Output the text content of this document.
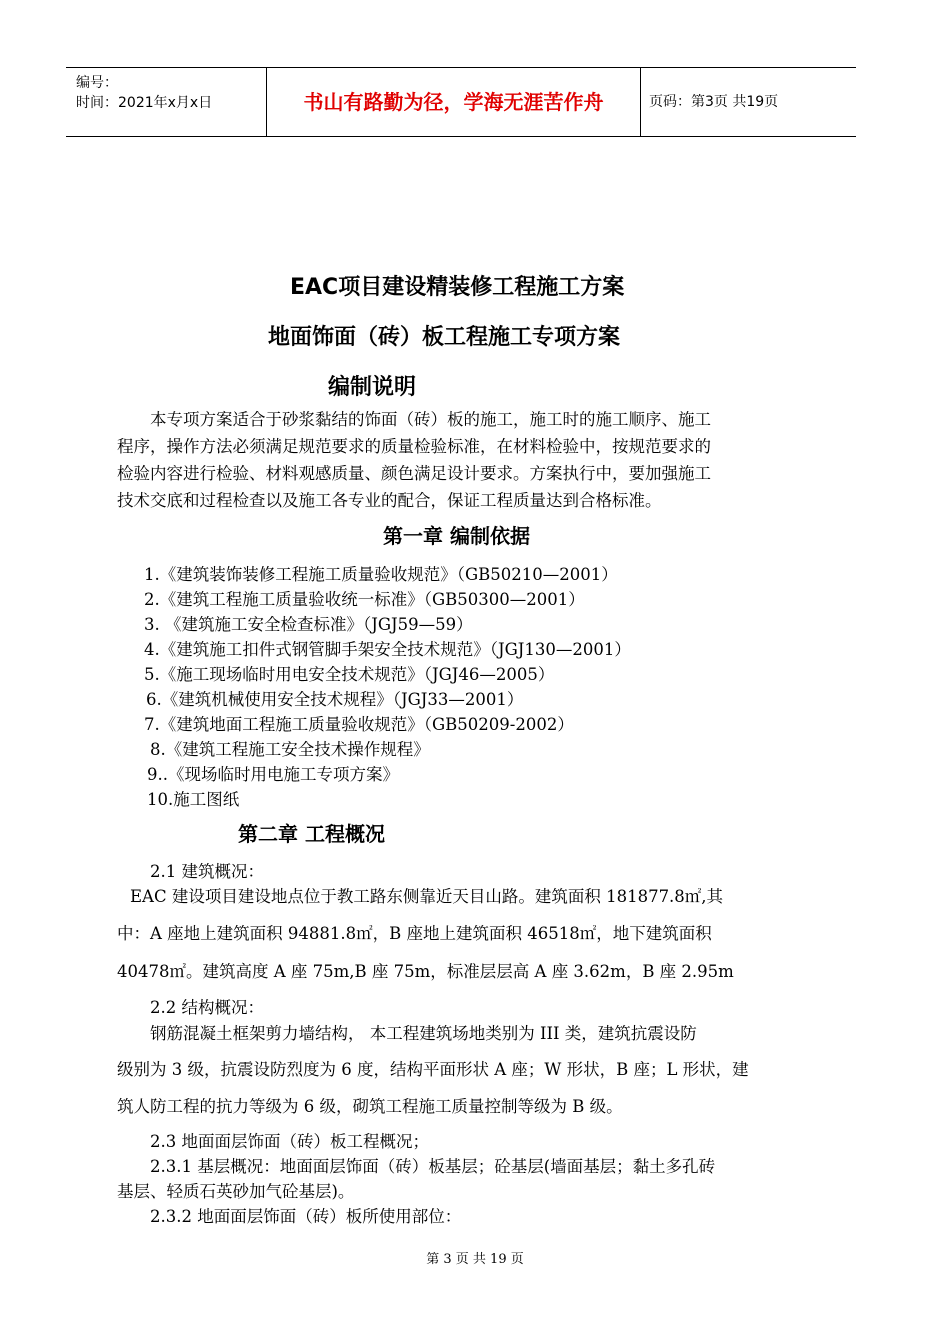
编号：
时间：2021年x月x日	书山有路勤为径，学海无涯苦作舟	页码：第3页 共19页
EAC项目建设精装修工程施工方案
地面饰面（砖）板工程施工专项方案
编制说明
本专项方案适合于砂浆黏结的饰面（砖）板的施工，施工时的施工顺序、施工
程序，操作方法必须满足规范要求的质量检验标准，在材料检验中，按规范要求的
检验内容进行检验、材料观感质量、颜色满足设计要求。方案执行中，要加强施工
技术交底和过程检查以及施工各专业的配合，保证工程质量达到合格标准。
第一章 编制依据
1.《建筑装饰装修工程施工质量验收规范》（GB50210—2001）
2.《建筑工程施工质量验收统一标准》（GB50300—2001）
3. 《建筑施工安全检查标准》（JGJ59—59）
4.《建筑施工扣件式钢管脚手架安全技术规范》（JGJ130—2001）
5.《施工现场临时用电安全技术规范》（JGJ46—2005）
6.《建筑机械使用安全技术规程》（JGJ33—2001）
7.《建筑地面工程施工质量验收规范》（GB50209-2002）
8.《建筑工程施工安全技术操作规程》
9..《现场临时用电施工专项方案》
10.施工图纸
第二章 工程概况
2.1 建筑概况：
EAC 建设项目建设地点位于教工路东侧靠近天目山路。建筑面积 181877.8㎡,其
中：A 座地上建筑面积 94881.8㎡，B 座地上建筑面积 46518㎡，地下建筑面积
40478㎡。建筑高度 A 座 75m,B 座 75m，标准层层高 A 座 3.62m，B 座 2.95m
2.2 结构概况：
钢筋混凝土框架剪力墙结构， 本工程建筑场地类别为 III 类，建筑抗震设防
级别为 3 级，抗震设防烈度为 6 度，结构平面形状 A 座；W 形状，B 座；L 形状，建
筑人防工程的抗力等级为 6 级，砌筑工程施工质量控制等级为 B 级。
2.3 地面面层饰面（砖）板工程概况；
2.3.1 基层概况：地面面层饰面（砖）板基层；砼基层(墙面基层；黏土多孔砖
基层、轻质石英砂加气砼基层)。
2.3.2 地面面层饰面（砖）板所使用部位：
第 3 页 共 19 页
